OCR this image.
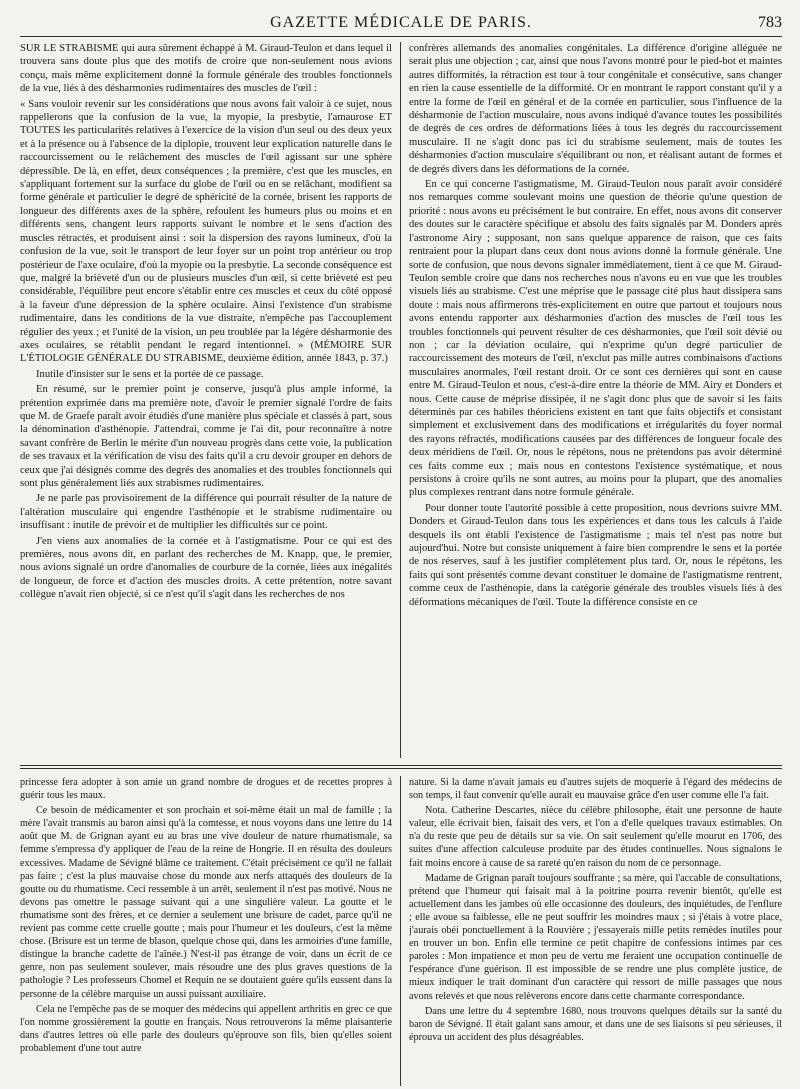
GAZETTE MÉDICALE DE PARIS.	783

SUR LE STRABISME qui aura sûrement échappé à M. Giraud-Teulon et dans lequel il trouvera sans doute plus que des motifs de croire que non-seulement nous avions conçu, mais même explicitement donné la formule générale des troubles fonctionnels de la vue, liés à des désharmonies rudimentaires des muscles de l'œil :

« Sans vouloir revenir sur les considérations que nous avons fait valoir à ce sujet, nous rappellerons que la confusion de la vue, la myopie, la presbytie, l'amaurose ET TOUTES les particularités relatives à l'exercice de la vision d'un seul ou des deux yeux et à la présence ou à l'absence de la diplopie, trouvent leur explication naturelle dans le raccourcissement ou le relâchement des muscles de l'œil agissant sur une sphère dépressible. De là, en effet, deux conséquences ; la première, c'est que les muscles, en s'appliquant fortement sur la surface du globe de l'œil ou en se relâchant, modifient sa forme générale et particulier le degré de sphéricité de la cornée, brisent les rapports de longueur des différents axes de la sphère, refoulent les humeurs plus ou moins et en différents sens, changent leurs rapports suivant le nombre et le sens d'action des muscles rétractés, et produisent ainsi : soit la dispersion des rayons lumineux, d'où la confusion de la vue, soit le transport de leur foyer sur un point trop antérieur ou trop postérieur de l'axe oculaire, d'où la myopie ou la presbytie. La seconde conséquence est que, malgré la brièveté d'un ou de plusieurs muscles d'un œil, si cette brièveté est peu considérable, l'équilibre peut encore s'établir entre ces muscles et ceux du côté opposé à la faveur d'une dépression de la sphère oculaire. Ainsi l'existence d'un strabisme rudimentaire, dans les conditions de la vue distraite, n'empêche pas l'accouplement régulier des yeux ; et l'unité de la vision, un peu troublée par la légère désharmonie des axes oculaires, se rétablit pendant le regard intentionnel. » (MÉMOIRE SUR L'ÉTIOLOGIE GÉNÉRALE DU STRABISME, deuxième édition, année 1843, p. 37.)

Inutile d'insister sur le sens et la portée de ce passage.

En résumé, sur le premier point je conserve, jusqu'à plus ample informé, la prétention exprimée dans ma première note, d'avoir le premier signalé l'ordre de faits que M. de Graefe paraît avoir étudiés d'une manière plus spéciale et classés à part, sous la dénomination d'asthénopie. J'attendrai, comme je l'ai dit, pour reconnaître à notre savant confrère de Berlin le mérite d'un nouveau progrès dans cette voie, la publication de ses travaux et la vérification de visu des faits qu'il a cru devoir grouper en dehors de ceux que j'ai désignés comme des degrés des anomalies et des troubles fonctionnels qui sont plus généralement liés aux strabismes rudimentaires.

Je ne parle pas provisoirement de la différence qui pourrait résulter de la nature de l'altération musculaire qui engendre l'asthénopie et le strabisme rudimentaire ou insuffisant : inutile de prévoir et de multiplier les difficultés sur ce point.

J'en viens aux anomalies de la cornée et à l'astigmatisme. Pour ce qui est des premières, nous avons dit, en parlant des recherches de M. Knapp, que, le premier, nous avions signalé un ordre d'anomalies de courbure de la cornée, liées aux inégalités de longueur, de force et d'action des muscles droits. A cette prétention, notre savant collègue n'avait rien objecté, si ce n'est qu'il s'agit dans les recherches de nos

confrères allemands des anomalies congénitales. La différence d'origine alléguée ne serait plus une objection ; car, ainsi que nous l'avons montré pour le pied-bot et maintes autres difformités, la rétraction est tour à tour congénitale et consécutive, sans changer en rien la cause essentielle de la difformité. Or en montrant le rapport constant qu'il y a entre la forme de l'œil en général et de la cornée en particulier, sous l'influence de la désharmonie de l'action musculaire, nous avons indiqué d'avance toutes les possibilités de degrés de ces ordres de déformations liées à tous les degrés du raccourcissement musculaire. Il ne s'agit donc pas ici du strabisme seulement, mais de toutes les désharmonies d'action musculaire s'équilibrant ou non, et réalisant autant de formes et de degrés divers dans les déformations de la cornée.

En ce qui concerne l'astigmatisme, M. Giraud-Teulon nous paraît avoir considéré nos remarques comme soulevant moins une question de théorie qu'une question de priorité : nous avons eu précisément le but contraire. En effet, nous avons dit conserver des doutes sur le caractère spécifique et absolu des faits signalés par M. Donders après l'astronome Airy ; supposant, non sans quelque apparence de raison, que ces faits rentraient pour la plupart dans ceux dont nous avions donné la formule générale. Une sorte de confusion, que nous devons signaler immédiatement, tient à ce que M. Giraud-Teulon semble croire que dans nos recherches nous n'avons eu en vue que les troubles visuels liés au strabisme. C'est une méprise que le passage cité plus haut dissipera sans doute : mais nous affirmerons très-explicitement en outre que partout et toujours nous avons entendu rapporter aux désharmonies d'action des muscles de l'œil tous les troubles fonctionnels qui peuvent résulter de ces désharmonies, que l'œil soit dévié ou non ; car la déviation oculaire, qui n'exprime qu'un degré particulier de raccourcissement des moteurs de l'œil, n'exclut pas mille autres combinaisons d'actions musculaires anormales, l'œil restant droit. Or ce sont ces dernières qui sont en cause entre M. Giraud-Teulon et nous, c'est-à-dire entre la théorie de MM. Airy et Donders et nous. Cette cause de méprise dissipée, il ne s'agit donc plus que de savoir si les faits déterminés par ces habiles théoriciens existent en tant que faits objectifs et consistant simplement et exclusivement dans des modifications et irrégularités du foyer normal des rayons réfractés, modifications causées par des différences de longueur focale des deux méridiens de l'œil. Or, nous le répétons, nous ne prétendons pas avoir déterminé ces faits comme eux ; mais nous en contestons l'existence systématique, et nous persistons à croire qu'ils ne sont autres, au moins pour la plupart, que des anomalies plus complexes rentrant dans notre formule générale.

Pour donner toute l'autorité possible à cette proposition, nous devrions suivre MM. Donders et Giraud-Teulon dans tous les expériences et dans tous les calculs à l'aide desquels ils ont établi l'existence de l'astigmatisme ; mais tel n'est pas notre but aujourd'hui. Notre but consiste uniquement à faire bien comprendre le sens et la portée de nos réserves, sauf à les justifier complétement plus tard. Or, nous le répétons, les faits qui sont présentés comme devant constituer le domaine de l'astigmatisme rentrent, comme ceux de l'asthénopie, dans la catégorie générale des troubles visuels liés à des déformations mécaniques de l'œil. Toute la différence consiste en ce

princesse fera adopter à son amie un grand nombre de drogues et de recettes propres à guérir tous les maux.

Ce besoin de médicamenter et son prochain et soi-même était un mal de famille ; la mère l'avait transmis au baron ainsi qu'à la comtesse, et nous voyons dans une lettre du 14 août que M. de Grignan ayant eu au bras une vive douleur de nature rhumatismale, sa femme s'empressa d'y appliquer de l'eau de la reine de Hongrie. Il en résulta des douleurs excessives. Madame de Sévigné blâme ce traitement. C'était précisément ce qu'il ne fallait pas faire ; c'est la plus mauvaise chose du monde aux nerfs attaqués des douleurs de la goutte ou du rhumatisme. Ceci ressemble à un arrêt, seulement il n'est pas motivé. Nous ne devons pas omettre le passage suivant qui a une singulière valeur. La goutte et le rhumatisme sont des frères, et ce dernier a seulement une brisure de cadet, parce qu'il ne revient pas comme cette cruelle goutte ; mais pour l'humeur et les douleurs, c'est la même chose. (Brisure est un terme de blason, quelque chose qui, dans les armoiries d'une famille, distingue la branche cadette de l'aînée.) N'est-il pas étrange de voir, dans un écrit de ce genre, non pas seulement soulever, mais résoudre une des plus graves questions de la pathologie ? Les professeurs Chomel et Requin ne se doutaient guère qu'ils eussent dans la personne de la célèbre marquise un aussi puissant auxiliaire.

Cela ne l'empêche pas de se moquer des médecins qui appellent arthritis en grec ce que l'on nomme grossièrement la goutte en français. Nous retrouverons la même plaisanterie dans d'autres lettres où elle parle des douleurs qu'éprouve son fils, bien qu'elles soient probablement d'une tout autre

nature. Si la dame n'avait jamais eu d'autres sujets de moquerie à l'égard des médecins de son temps, il faut convenir qu'elle aurait eu mauvaise grâce d'en user comme elle l'a fait.

Nota. Catherine Descartes, nièce du célèbre philosophe, était une personne de haute valeur, elle écrivait bien, faisait des vers, et l'on a d'elle quelques travaux estimables. On n'a du reste que peu de détails sur sa vie. On sait seulement qu'elle mourut en 1706, des suites d'une affection calculeuse produite par des études continuelles. Nous signalons le fait moins encore à cause de sa rareté qu'en raison du nom de ce personnage.

Madame de Grignan paraît toujours souffrante ; sa mère, qui l'accable de consultations, prétend que l'humeur qui faisait mal à la poitrine pourra revenir bientôt, qu'elle est actuellement dans les jambes où elle occasionne des douleurs, des inquiétudes, de l'enflure ; elle avoue sa faiblesse, elle ne peut souffrir les moindres maux ; si j'étais à votre place, j'aurais obéi ponctuellement à la Rouvière ; j'essayerais mille petits remèdes inutiles pour en trouver un bon. Enfin elle termine ce petit chapitre de confessions intimes par ces paroles : Mon impatience et mon peu de vertu me feraient une occupation continuelle de l'espérance d'une guérison. Il est impossible de se rendre une plus complète justice, de mieux indiquer le trait dominant d'un caractère qui ressort de mille passages que nous avons relevés et que nous relèverons encore dans cette charmante correspondance.

Dans une lettre du 4 septembre 1680, nous trouvons quelques détails sur la santé du baron de Sévigné. Il était galant sans amour, et dans une de ses liaisons si peu sérieuses, il éprouva un accident des plus désagréables.
